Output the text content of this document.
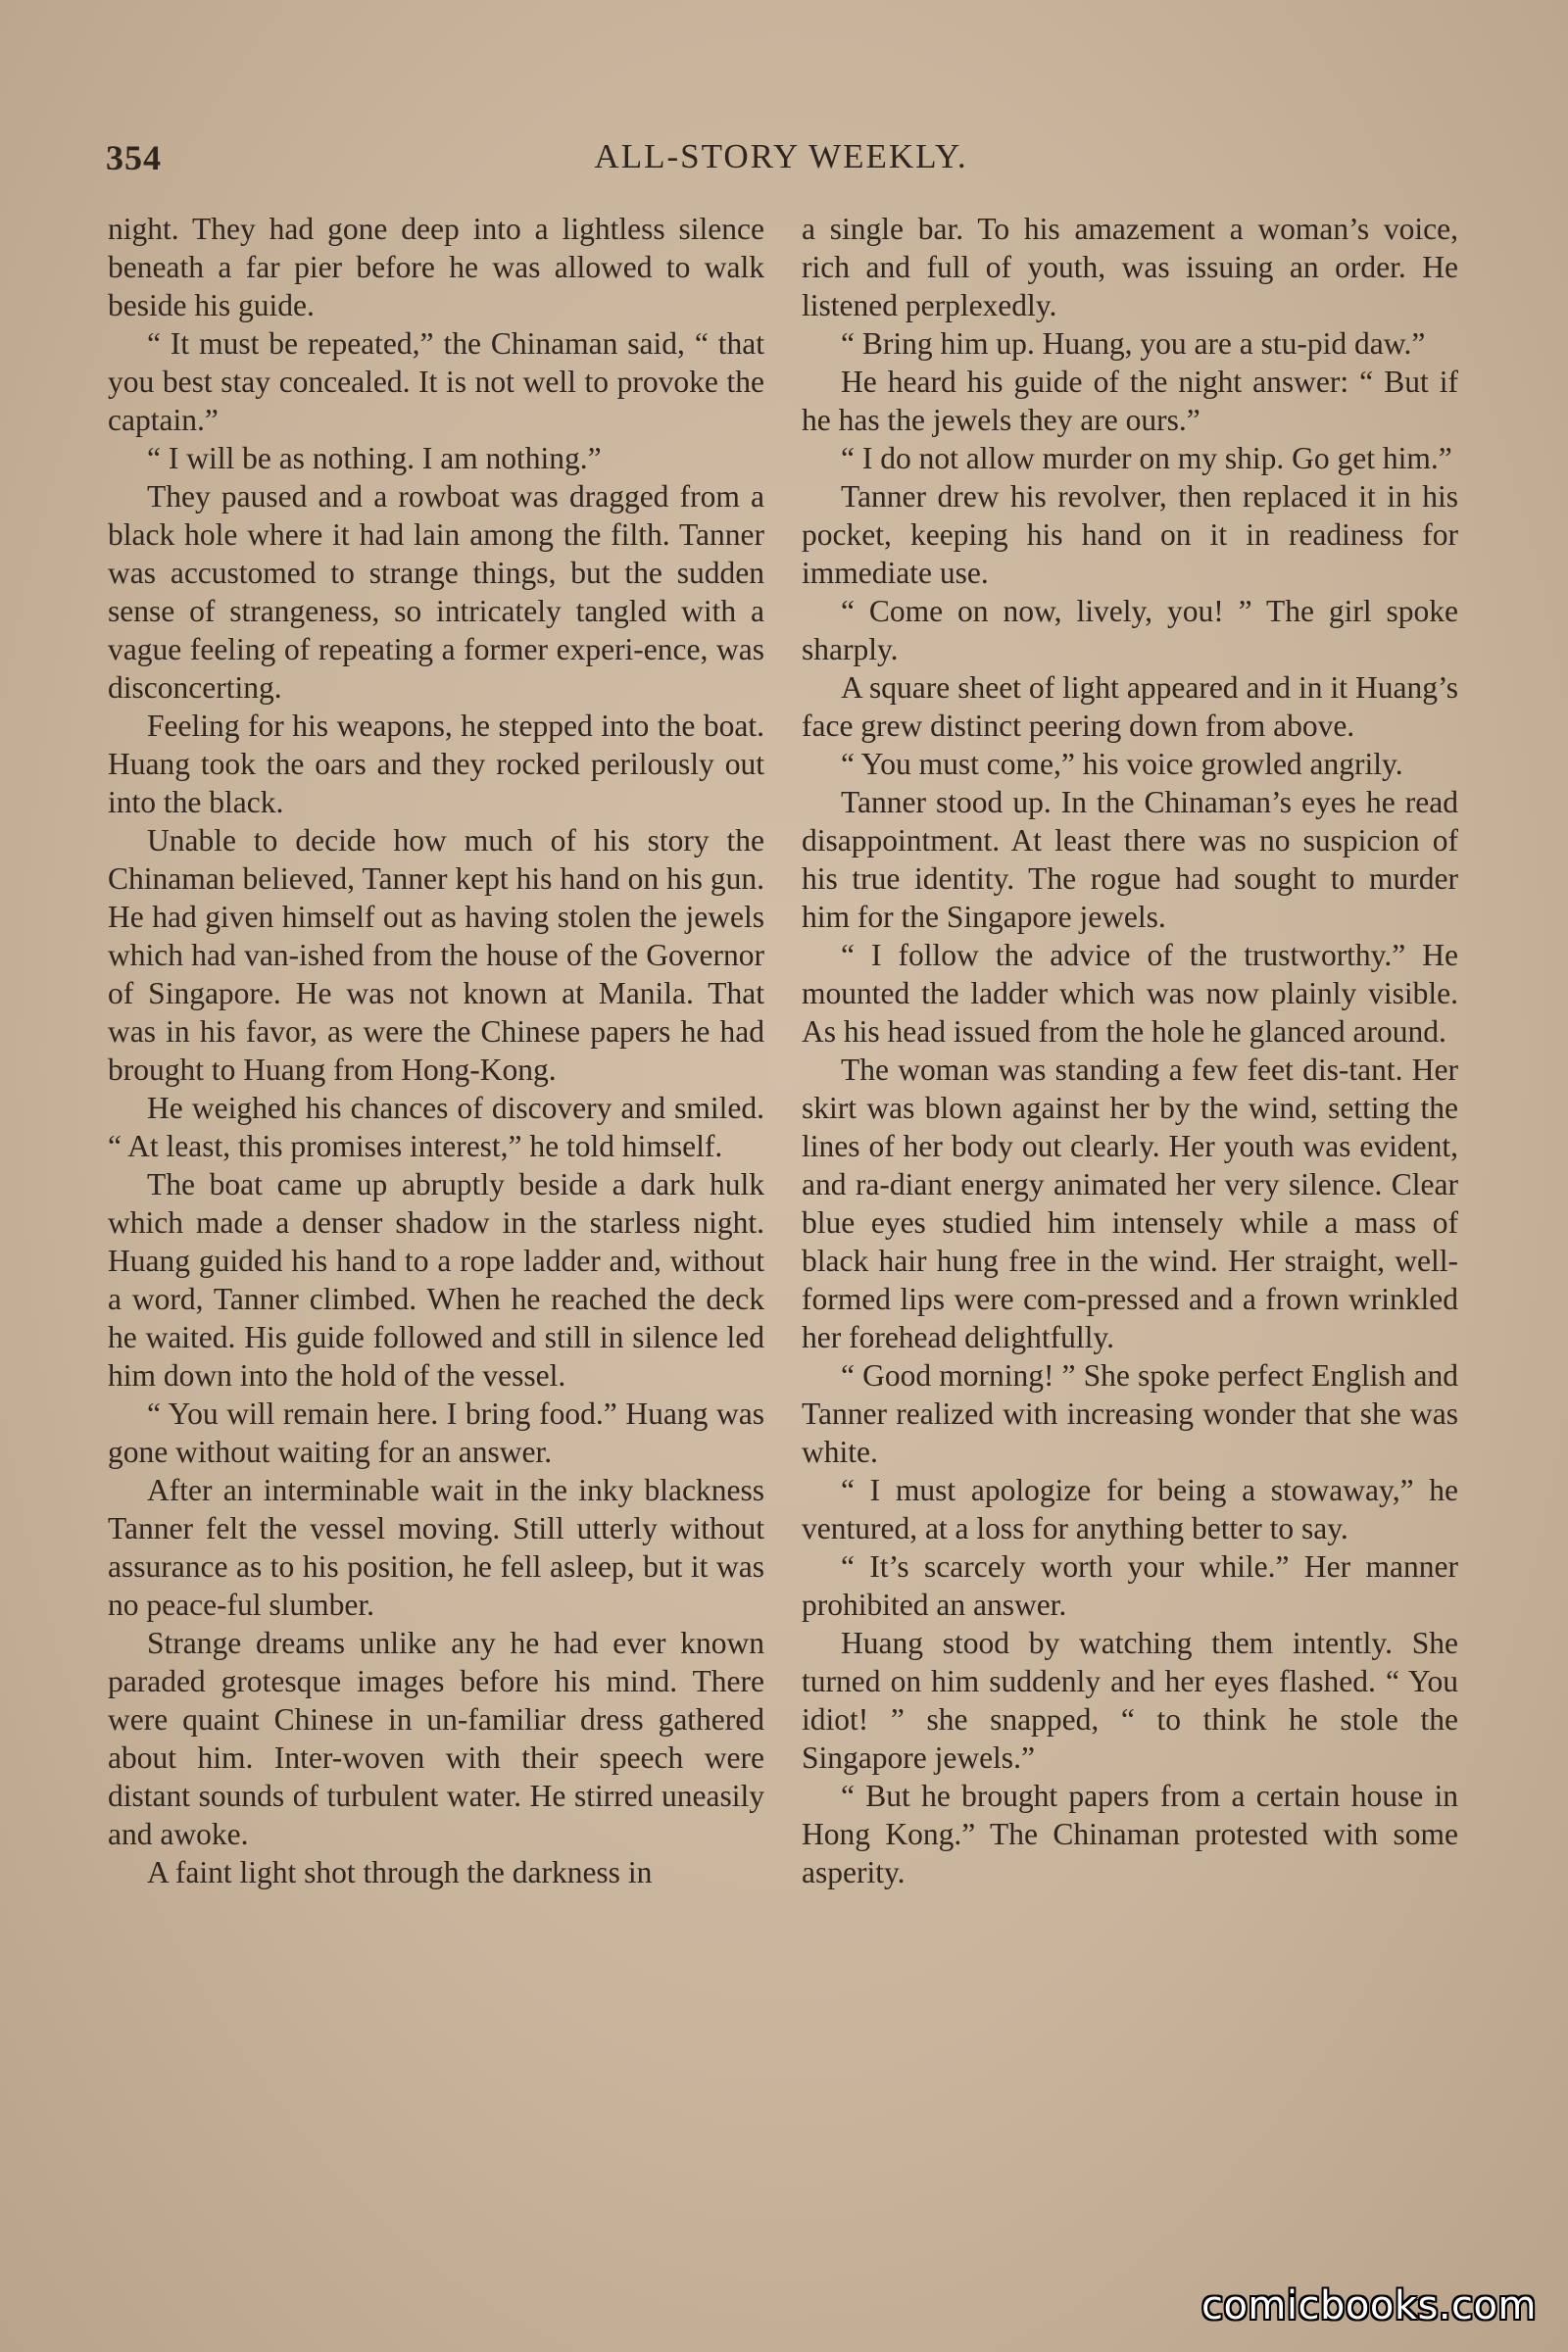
354	ALL-STORY WEEKLY.

night. They had gone deep into a lightless silence beneath a far pier before he was allowed to walk beside his guide.

“ It must be repeated,” the Chinaman said, “ that you best stay concealed. It is not well to provoke the captain.”

“ I will be as nothing. I am nothing.”

They paused and a rowboat was dragged from a black hole where it had lain among the filth. Tanner was accustomed to strange things, but the sudden sense of strangeness, so intricately tangled with a vague feeling of repeating a former experi-ence, was disconcerting.

Feeling for his weapons, he stepped into the boat. Huang took the oars and they rocked perilously out into the black.

Unable to decide how much of his story the Chinaman believed, Tanner kept his hand on his gun. He had given himself out as having stolen the jewels which had van-ished from the house of the Governor of Singapore. He was not known at Manila. That was in his favor, as were the Chinese papers he had brought to Huang from Hong-Kong.

He weighed his chances of discovery and smiled. “ At least, this promises interest,” he told himself.

The boat came up abruptly beside a dark hulk which made a denser shadow in the starless night. Huang guided his hand to a rope ladder and, without a word, Tanner climbed. When he reached the deck he waited. His guide followed and still in silence led him down into the hold of the vessel.

“ You will remain here. I bring food.” Huang was gone without waiting for an answer.

After an interminable wait in the inky blackness Tanner felt the vessel moving. Still utterly without assurance as to his position, he fell asleep, but it was no peace-ful slumber.

Strange dreams unlike any he had ever known paraded grotesque images before his mind. There were quaint Chinese in un-familiar dress gathered about him. Inter-woven with their speech were distant sounds of turbulent water. He stirred uneasily and awoke.

A faint light shot through the darkness in

a single bar. To his amazement a woman’s voice, rich and full of youth, was issuing an order. He listened perplexedly.

“ Bring him up. Huang, you are a stu-pid daw.”

He heard his guide of the night answer: “ But if he has the jewels they are ours.”

“ I do not allow murder on my ship. Go get him.”

Tanner drew his revolver, then replaced it in his pocket, keeping his hand on it in readiness for immediate use.

“ Come on now, lively, you! ” The girl spoke sharply.

A square sheet of light appeared and in it Huang’s face grew distinct peering down from above.

“ You must come,” his voice growled angrily.

Tanner stood up. In the Chinaman’s eyes he read disappointment. At least there was no suspicion of his true identity. The rogue had sought to murder him for the Singapore jewels.

“ I follow the advice of the trustworthy.” He mounted the ladder which was now plainly visible. As his head issued from the hole he glanced around.

The woman was standing a few feet dis-tant. Her skirt was blown against her by the wind, setting the lines of her body out clearly. Her youth was evident, and ra-diant energy animated her very silence. Clear blue eyes studied him intensely while a mass of black hair hung free in the wind. Her straight, well-formed lips were com-pressed and a frown wrinkled her forehead delightfully.

“ Good morning! ” She spoke perfect English and Tanner realized with increasing wonder that she was white.

“ I must apologize for being a stowaway,” he ventured, at a loss for anything better to say.

“ It’s scarcely worth your while.” Her manner prohibited an answer.

Huang stood by watching them intently. She turned on him suddenly and her eyes flashed. “ You idiot! ” she snapped, “ to think he stole the Singapore jewels.”

“ But he brought papers from a certain house in Hong Kong.” The Chinaman protested with some asperity.

comicbooks.com
